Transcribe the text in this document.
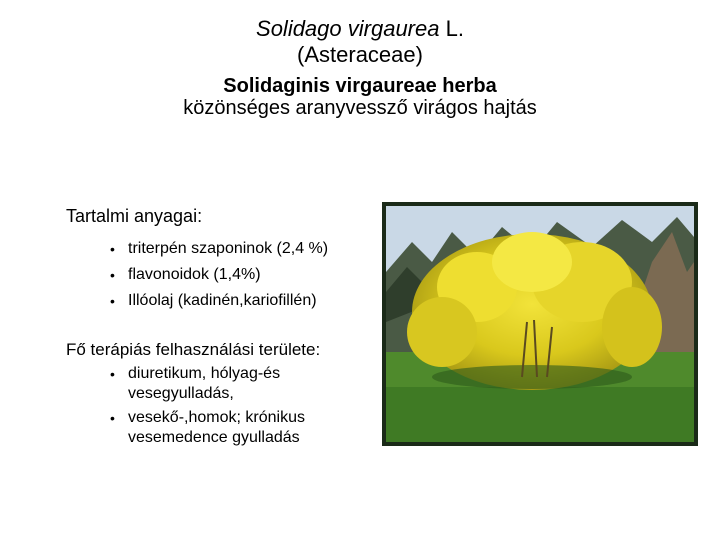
Solidago virgaurea L.
(Asteraceae)
Solidaginis virgaureae herba
közönséges aranyvessző virágos hajtás
Tartalmi anyagai:
• triterpén szaponinok (2,4 %)
• flavonoidok (1,4%)
• Illóolaj (kadinén,kariofillén)
Fő terápiás felhasználási területe:
• diuretikum, hólyag-és vesegyulladás,
• vesekő-,homok; krónikus vesemedence gyulladás
